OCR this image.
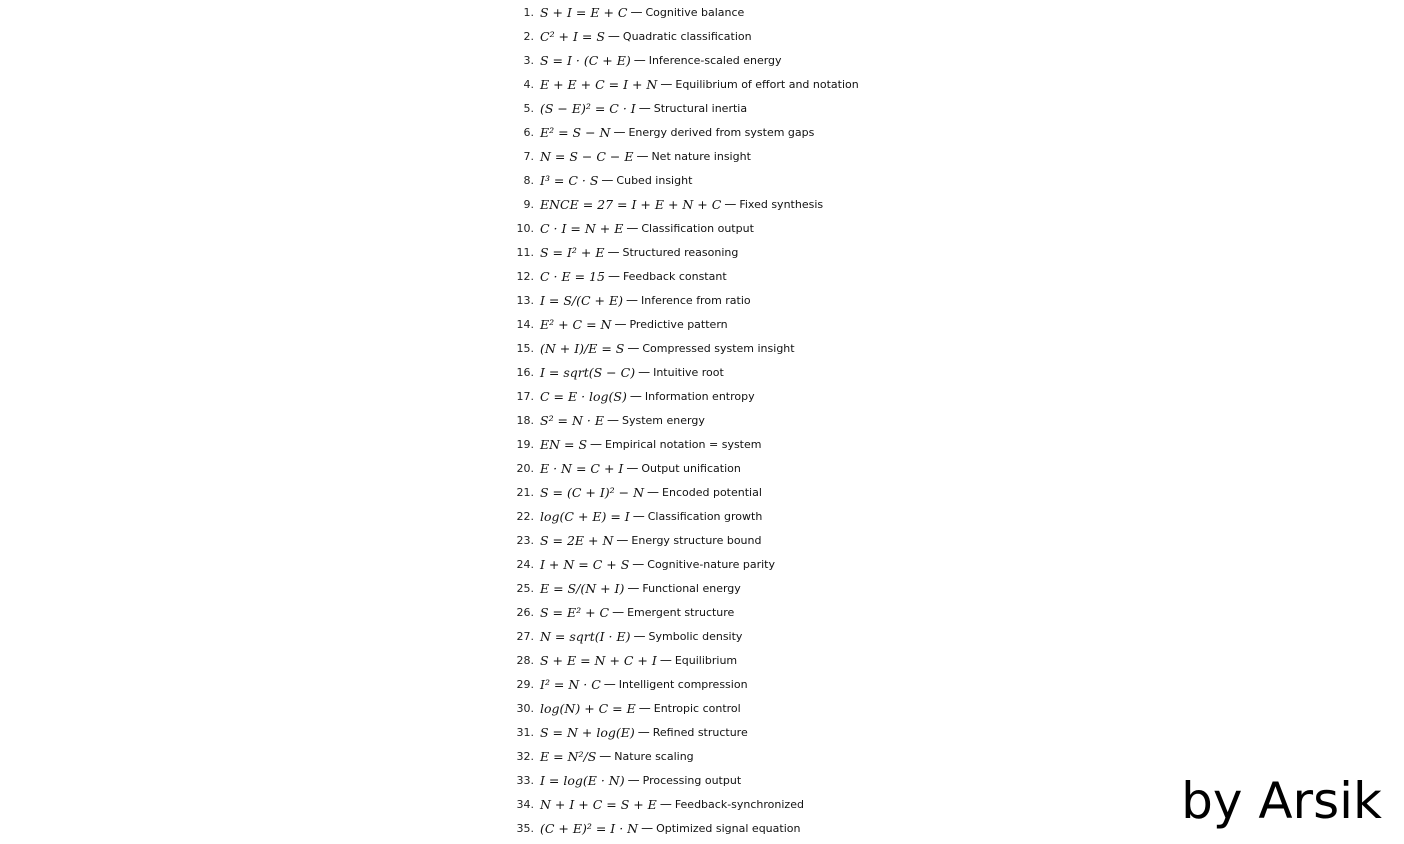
1. S + I = E + C — Cognitive balance
2. C² + I = S — Quadratic classification
3. S = I · (C + E) — Inference-scaled energy
4. E + E + C = I + N — Equilibrium of effort and notation
5. (S − E)² = C · I — Structural inertia
6. E² = S − N — Energy derived from system gaps
7. N = S − C − E — Net nature insight
8. I³ = C · S — Cubed insight
9. ENCE = 27 = I + E + N + C — Fixed synthesis
10. C · I = N + E — Classification output
11. S = I² + E — Structured reasoning
12. C · E = 15 — Feedback constant
13. I = S/(C + E) — Inference from ratio
14. E² + C = N — Predictive pattern
15. (N + I)/E = S — Compressed system insight
16. I = sqrt(S − C) — Intuitive root
17. C = E · log(S) — Information entropy
18. S² = N · E — System energy
19. EN = S — Empirical notation = system
20. E · N = C + I — Output unification
21. S = (C + I)² − N — Encoded potential
22. log(C + E) = I — Classification growth
23. S = 2E + N — Energy structure bound
24. I + N = C + S — Cognitive-nature parity
25. E = S/(N + I) — Functional energy
26. S = E² + C — Emergent structure
27. N = sqrt(I · E) — Symbolic density
28. S + E = N + C + I — Equilibrium
29. I² = N · C — Intelligent compression
30. log(N) + C = E — Entropic control
31. S = N + log(E) — Refined structure
32. E = N²/S — Nature scaling
33. I = log(E · N) — Processing output
34. N + I + C = S + E — Feedback-synchronized
35. (C + E)² = I · N — Optimized signal equation	by Arsik
